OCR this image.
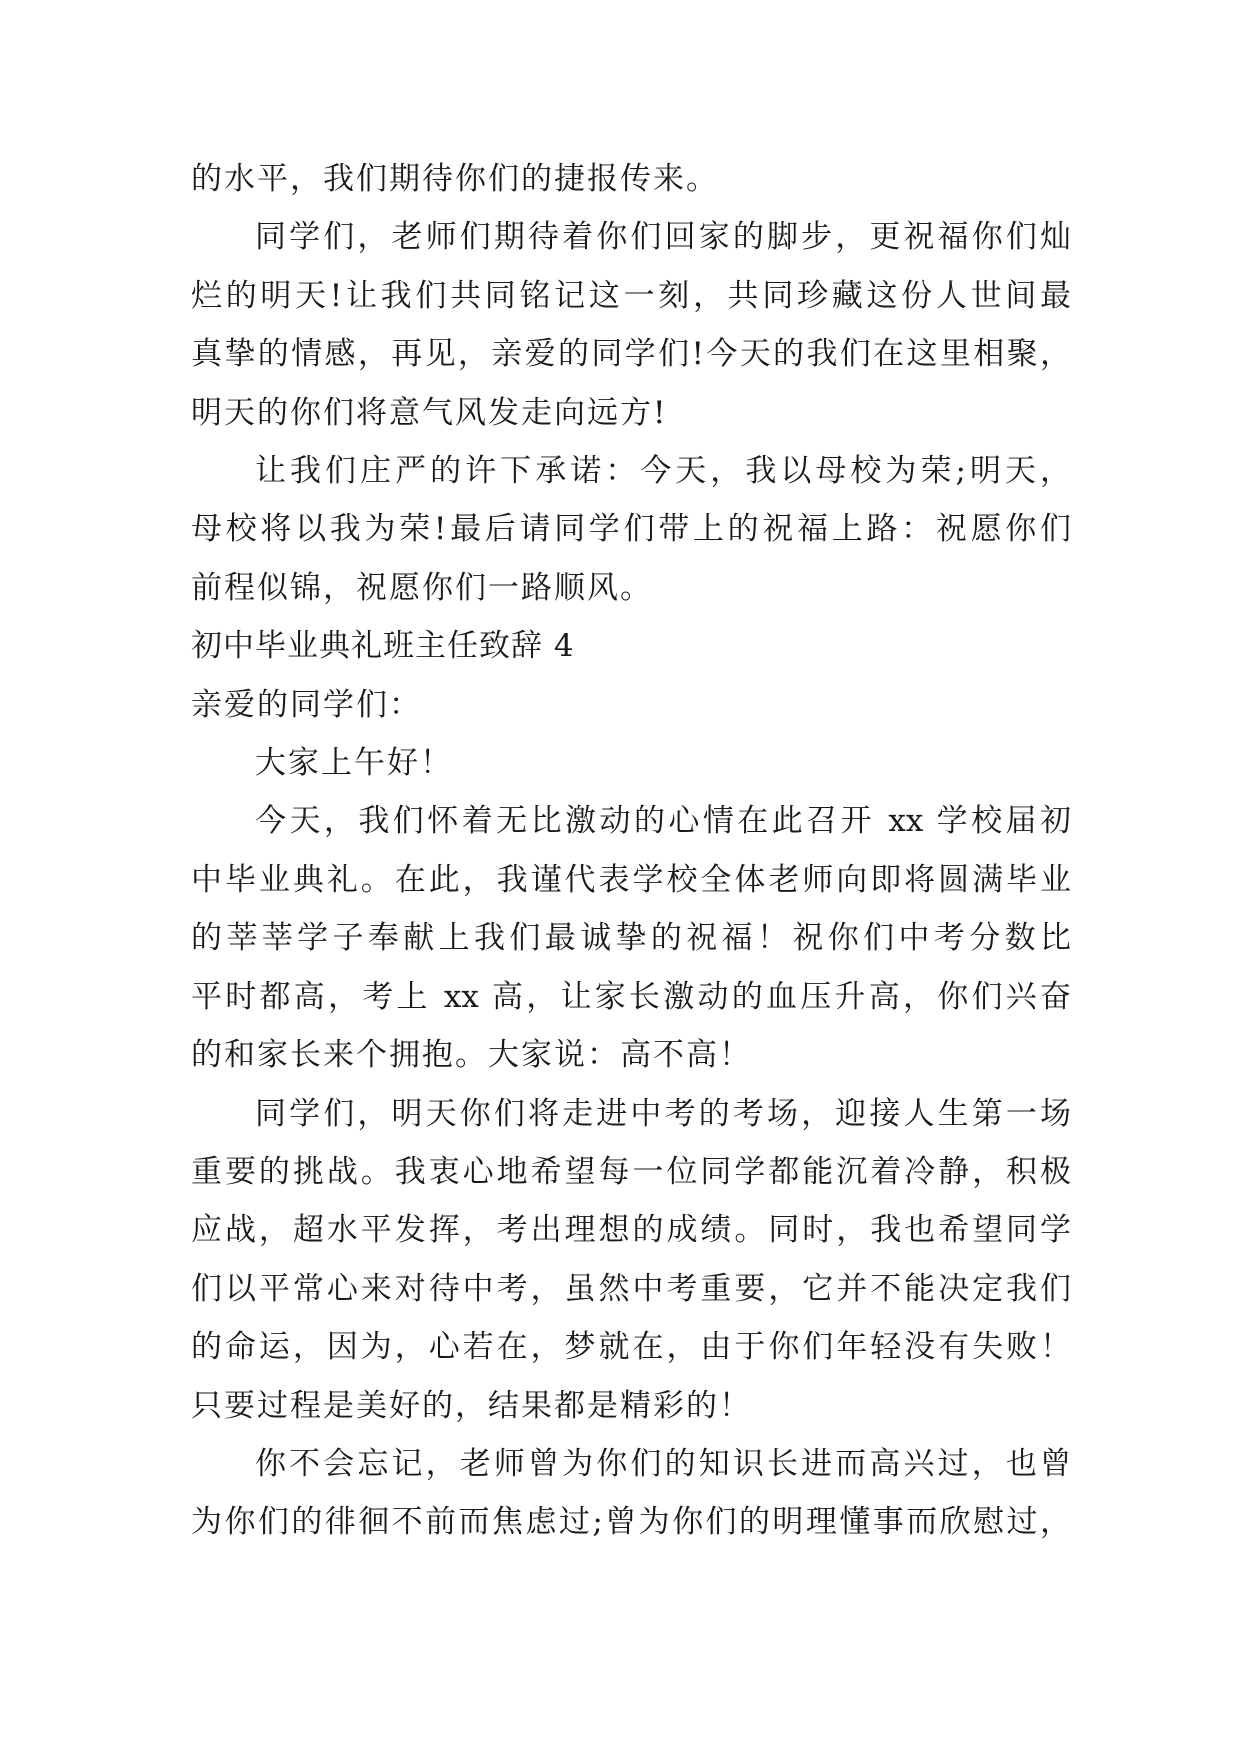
的水平，我们期待你们的捷报传来。
同学们，老师们期待着你们回家的脚步，更祝福你们灿
烂的明天!让我们共同铭记这一刻，共同珍藏这份人世间最
真挚的情感，再见，亲爱的同学们!今天的我们在这里相聚，
明天的你们将意气风发走向远方!
让我们庄严的许下承诺：今天，我以母校为荣;明天，
母校将以我为荣!最后请同学们带上的祝福上路：祝愿你们
前程似锦，祝愿你们一路顺风。
初中毕业典礼班主任致辞 4
亲爱的同学们：
大家上午好！
今天，我们怀着无比激动的心情在此召开 xx 学校届初
中毕业典礼。在此，我谨代表学校全体老师向即将圆满毕业
的莘莘学子奉献上我们最诚挚的祝福！祝你们中考分数比
平时都高，考上 xx 高，让家长激动的血压升高，你们兴奋
的和家长来个拥抱。大家说：高不高！
同学们，明天你们将走进中考的考场，迎接人生第一场
重要的挑战。我衷心地希望每一位同学都能沉着冷静，积极
应战，超水平发挥，考出理想的成绩。同时，我也希望同学
们以平常心来对待中考，虽然中考重要，它并不能决定我们
的命运，因为，心若在，梦就在，由于你们年轻没有失败！
只要过程是美好的，结果都是精彩的！
你不会忘记，老师曾为你们的知识长进而高兴过，也曾
为你们的徘徊不前而焦虑过;曾为你们的明理懂事而欣慰过，
